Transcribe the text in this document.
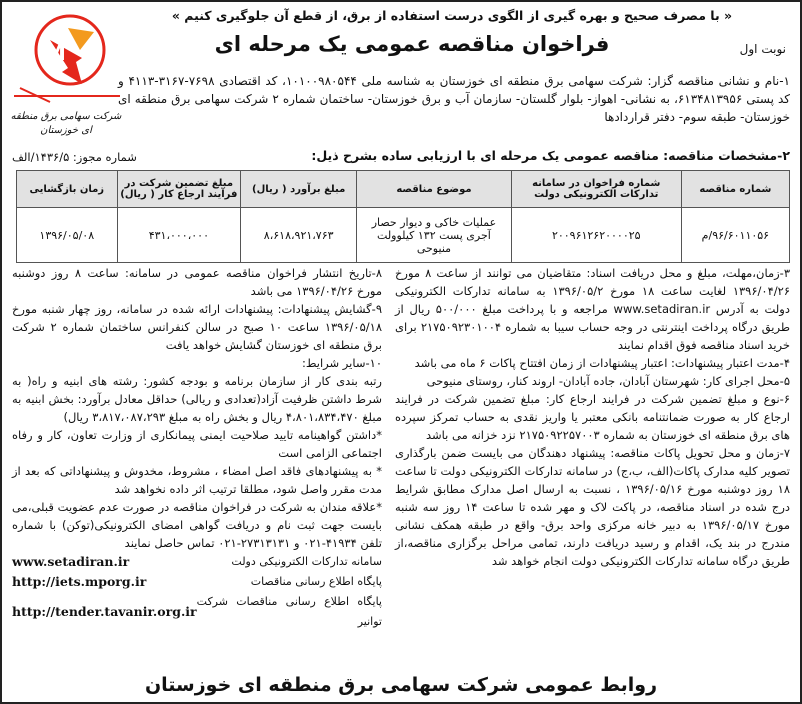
« با مصرف صحیح و بهره گیری از الگوی درست استفاده از برق، از قطع آن جلوگیری کنیم »
فراخوان مناقصه عمومی یک مرحله ای	نوبت اول
M
شرکت سهامی برق منطقه ای خوزستان
۱-نام و نشانی مناقصه گزار: شرکت سهامی برق منطقه ای خوزستان به شناسه ملی ۱۰۱۰۰۹۸۰۵۴۴، کد اقتصادی ۷۶۹۸-۳۱۶۷-۴۱۱۳ و کد پستی ۶۱۳۴۸۱۳۹۵۶، به نشانی- اهواز- بلوار گلستان- سازمان آب و برق خوزستان- ساختمان شماره ۲ شرکت سهامی برق منطقه ای خوزستان- طبقه سوم- دفتر قراردادها
۲-مشخصات مناقصه: مناقصه عمومی یک مرحله ای با ارزیابی ساده بشرح ذیل:
شماره مجوز: ۱۴۳۶/۵/الف
شماره مناقصه	شماره فراخوان در سامانه تدارکات الکترونیکی دولت	موضوع مناقصه	مبلغ برآورد ( ریال)	مبلغ تضمین شرکت در فرآیند ارجاع کار ( ریال)	زمان بازگشایی
۹۶/۶۰۱۱۰۵۶/م	۲۰۰۹۶۱۲۶۲۰۰۰۰۲۵	عملیات خاکی و دیوار حصار آجری پست ۱۳۲ کیلوولت منیوحی	۸،۶۱۸،۹۲۱،۷۶۳	۴۳۱،۰۰۰،۰۰۰	۱۳۹۶/۰۵/۰۸

۳-زمان،مهلت، مبلغ و محل دریافت اسناد: متقاضیان می توانند از ساعت ۸ مورخ ۱۳۹۶/۰۴/۲۶ لغایت ساعت ۱۸ مورخ ۱۳۹۶/۰۵/۲ به سامانه تدارکات الکترونیکی دولت به آدرس www.setadiran.ir مراجعه و با پرداخت مبلغ ۵۰۰/۰۰۰ ریال از طریق درگاه پرداخت اینترنتی در وجه حساب سیبا به شماره ۲۱۷۵۰۹۲۳۰۱۰۰۴ برای خرید اسناد مناقصه فوق اقدام نمایند

۴-مدت اعتبار پیشنهادات: اعتبار پیشنهادات از زمان افتتاح پاکات ۶ ماه می باشد

۵-محل اجرای کار: شهرستان آبادان، جاده آبادان- اروند کنار، روستای منیوحی

۶-نوع و مبلغ تضمین شرکت در فرایند ارجاع کار: مبلغ تضمین شرکت در فرایند ارجاع کار به صورت ضمانتنامه بانکی معتبر یا واریز نقدی به حساب تمرکز سپرده های برق منطقه ای خوزستان به شماره ۲۱۷۵۰۹۲۲۵۷۰۰۳ نزد خزانه می باشد

۷-زمان و محل تحویل پاکات مناقصه: پیشنهاد دهندگان می بایست ضمن بارگذاری تصویر کلیه مدارک پاکات(الف، ب،ج) در سامانه تدارکات الکترونیکی دولت تا ساعت ۱۸ روز دوشنبه مورخ ۱۳۹۶/۰۵/۱۶ ، نسبت به ارسال اصل مدارک مطابق شرایط درج شده در اسناد مناقصه، در پاکت لاک و مهر شده تا ساعت ۱۴ روز سه شنبه مورخ ۱۳۹۶/۰۵/۱۷ به دبیر خانه مرکزی واحد برق- واقع در طبقه همکف نشانی مندرج در بند یک، اقدام و رسید دریافت دارند، تمامی مراحل برگزاری مناقصه،از طریق درگاه سامانه تدارکات الکترونیکی دولت انجام خواهد شد

۸-تاریخ انتشار فراخوان مناقصه عمومی در سامانه: ساعت ۸ روز دوشنبه مورخ ۱۳۹۶/۰۴/۲۶ می باشد

۹-گشایش پیشنهادات: پیشنهادات ارائه شده در سامانه، روز چهار شنبه مورخ ۱۳۹۶/۰۵/۱۸ ساعت ۱۰ صبح در سالن کنفرانس ساختمان شماره ۲ شرکت برق منطقه ای خوزستان گشایش خواهد یافت

۱۰-سایر شرایط:

رتبه بندی کار از سازمان برنامه و بودجه کشور: رشته های ابنیه و راه( به شرط داشتن ظرفیت آزاد(تعدادی و ریالی) حداقل معادل برآورد: بخش ابنیه به مبلغ ۴،۸۰۱،۸۳۴،۴۷۰ ریال و بخش راه به مبلغ ۳،۸۱۷،۰۸۷،۲۹۳ ریال)

*داشتن گواهینامه تایید صلاحیت ایمنی پیمانکاری از وزارت تعاون، کار و رفاه اجتماعی الزامی است

* به پیشنهادهای فاقد اصل امضاء ، مشروط، مخدوش و پیشنهاداتی که بعد از مدت مقرر واصل شود، مطلقا ترتیب اثر داده نخواهد شد

*علاقه مندان به شرکت در فراخوان مناقصه در صورت عدم عضویت قبلی،می بایست جهت ثبت نام و دریافت گواهی امضای الکترونیکی(توکن) با شماره تلفن ۴۱۹۳۴-۰۲۱ و ۲۷۳۱۳۱۳۱-۰۲۱ تماس حاصل نمایند

سامانه تدارکات الکترونیکی دولت
www.setadiran.ir
پایگاه اطلاع رسانی مناقصات
http://iets.mporg.ir
پایگاه اطلاع رسانی مناقصات شرکت توانیر
http://tender.tavanir.org.ir
روابط عمومی شرکت سهامی برق منطقه ای خوزستان
